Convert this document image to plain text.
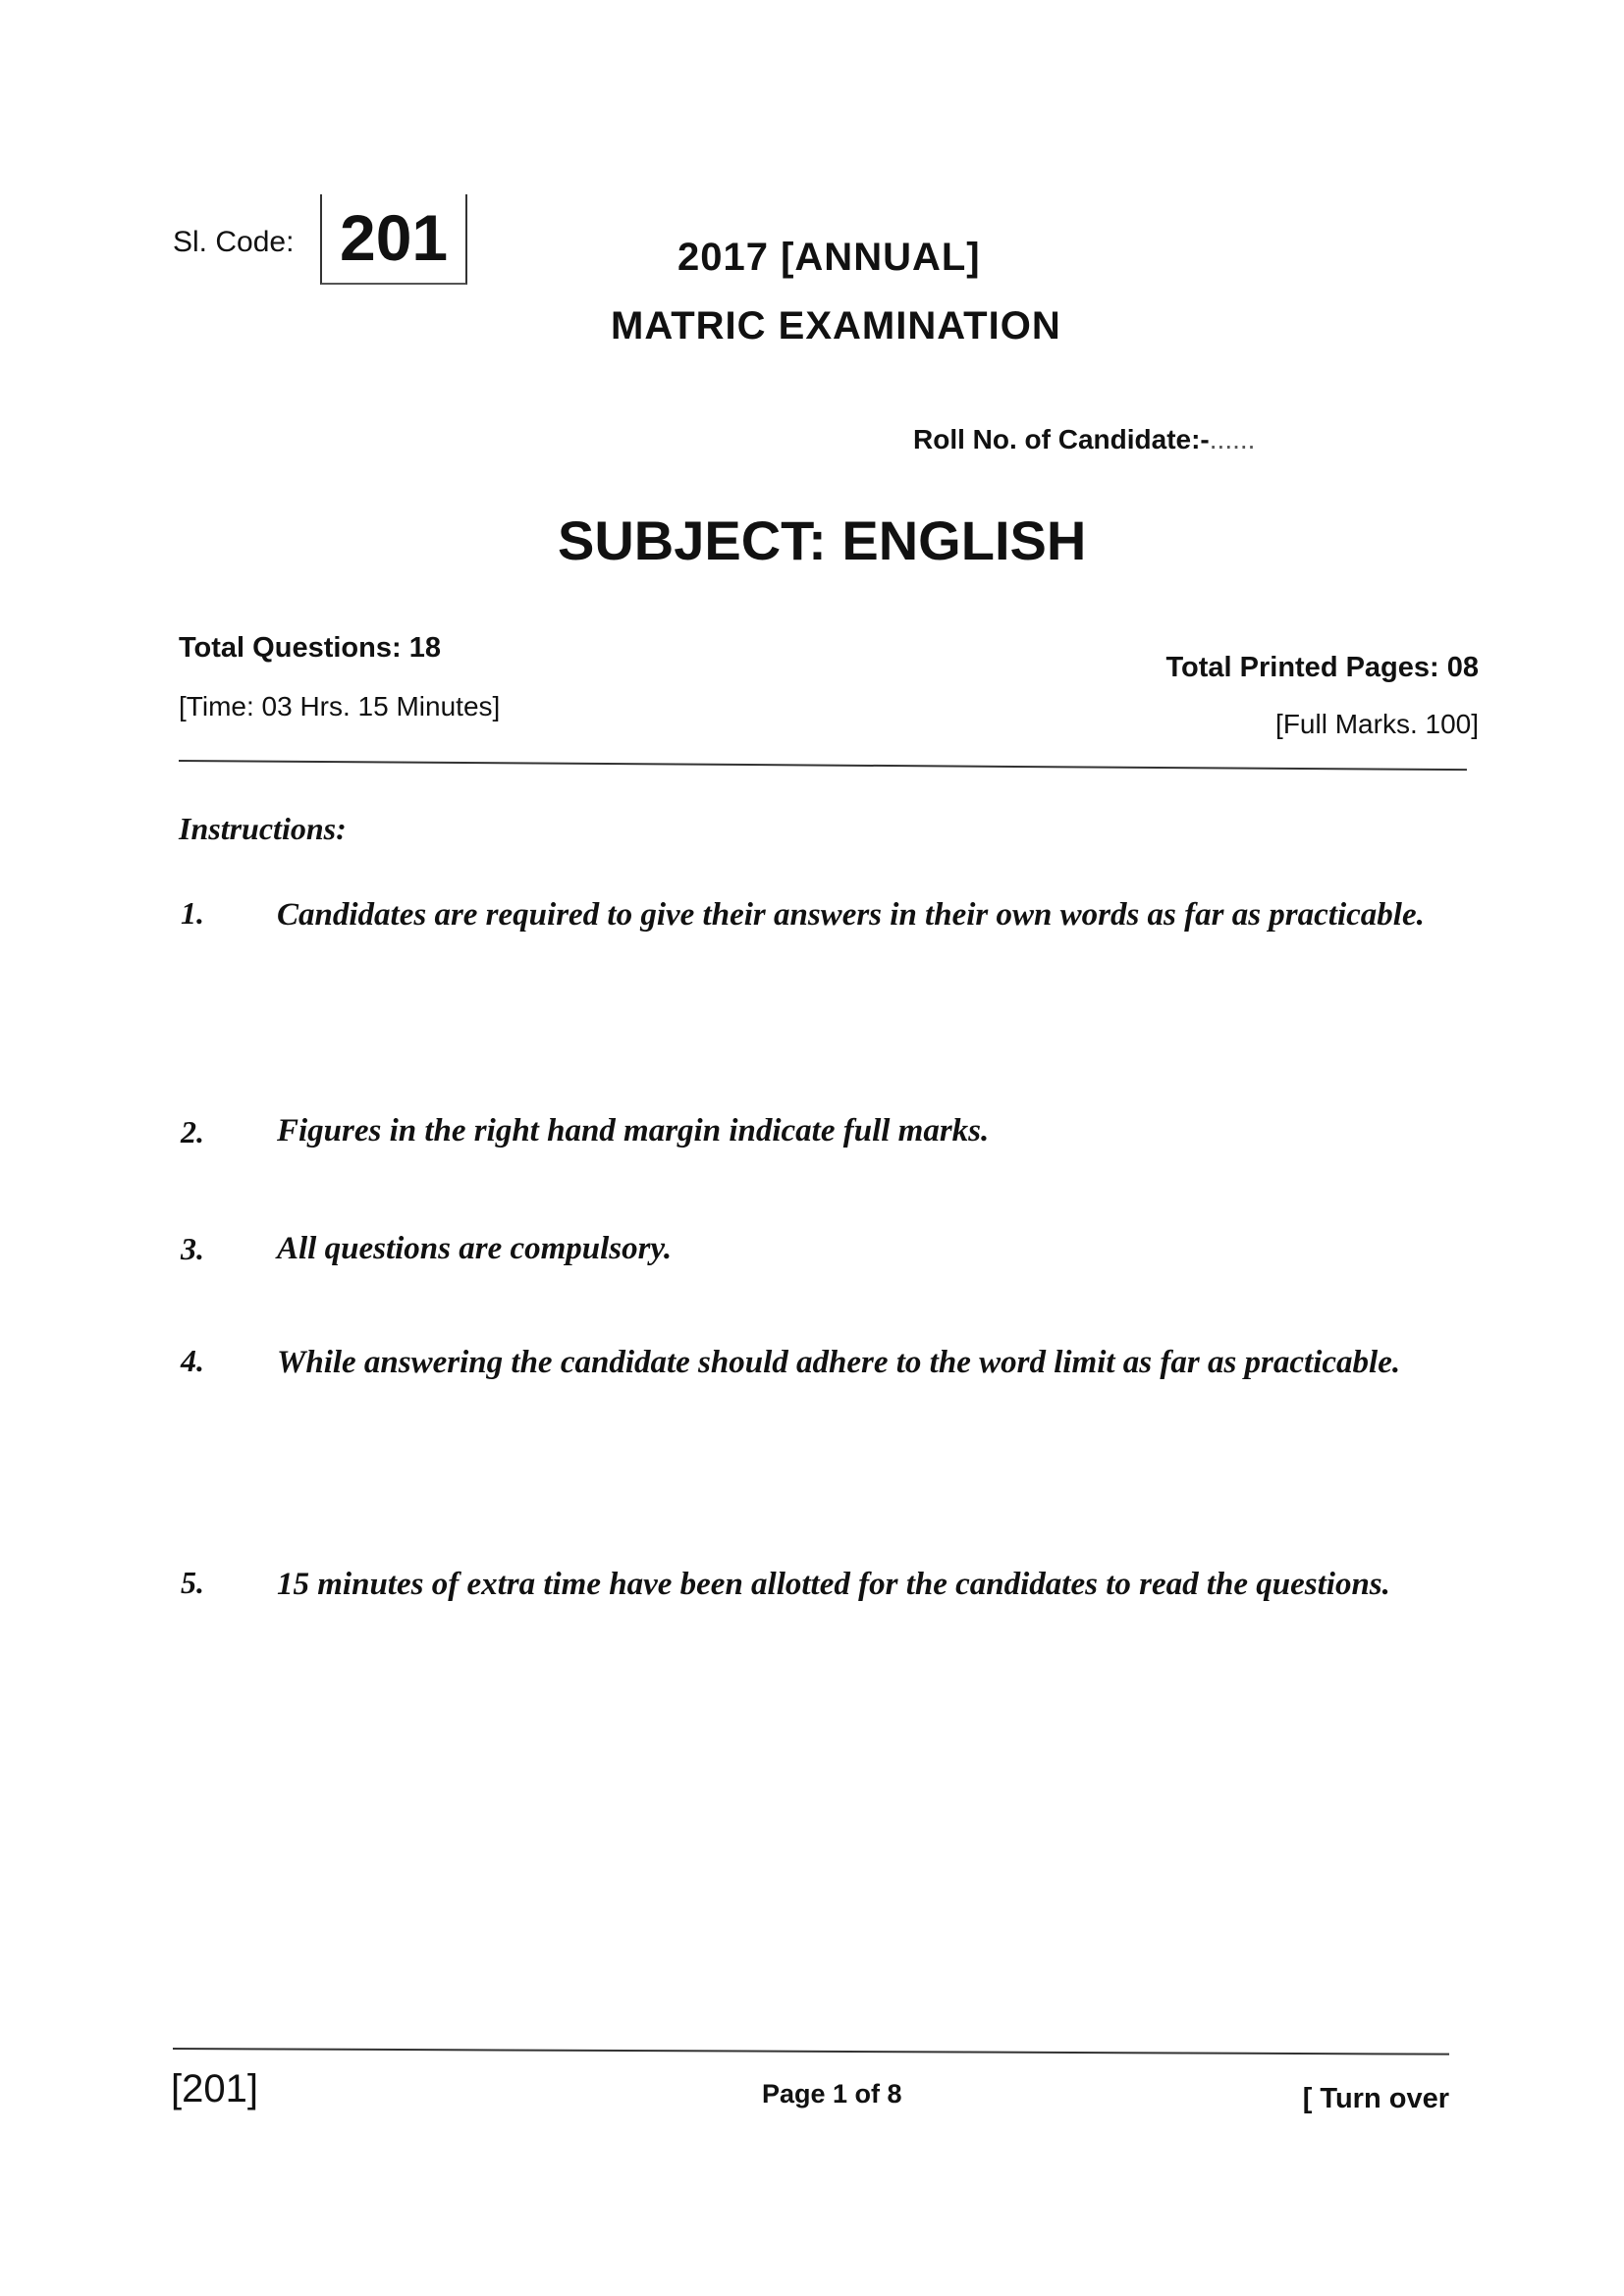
Sl. Code: 201	2017 [ANNUAL]
MATRIC EXAMINATION
Roll No. of Candidate:-......
SUBJECT: ENGLISH
Total Questions: 18
[Time: 03 Hrs. 15 Minutes]
Total Printed Pages: 08
[Full Marks. 100]
Instructions:
1. Candidates are required to give their answers in their own words as far as practicable.
2. Figures in the right hand margin indicate full marks.
3. All questions are compulsory.
4. While answering the candidate should adhere to the word limit as far as practicable.
5. 15 minutes of extra time have been allotted for the candidates to read the questions.
[201]	Page 1 of 8	[ Turn over
